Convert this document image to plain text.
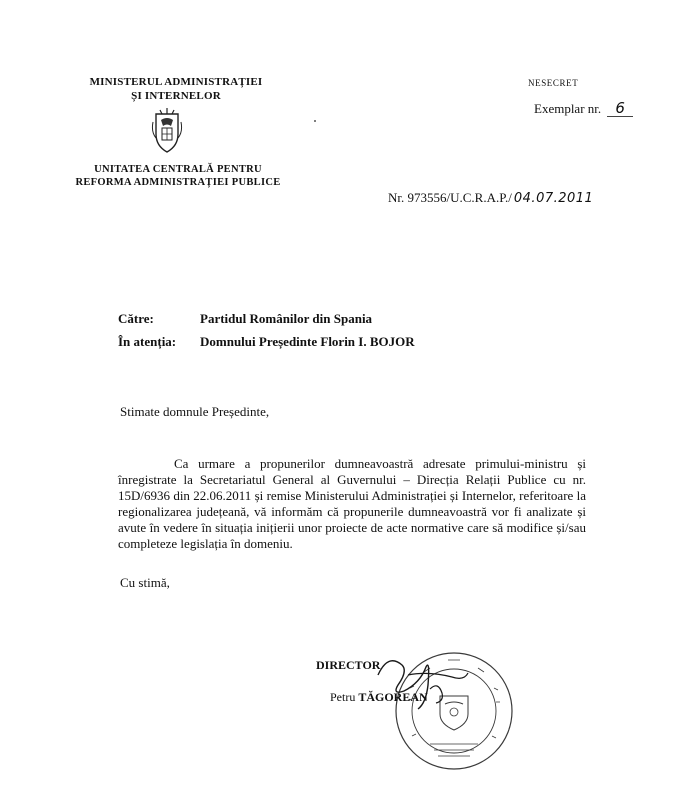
MINISTERUL ADMINISTRAȚIEI
ȘI INTERNELOR
UNITATEA CENTRALĂ PENTRU
REFORMA ADMINISTRAȚIEI PUBLICE
NESECRET
Exemplar nr. 6
Nr. 973556/U.C.R.A.P./ 04.07.2011
Către:	Partidul Românilor din Spania
În atenția: Domnului Președinte Florin I. BOJOR
Stimate domnule Președinte,
Ca urmare a propunerilor dumneavoastră adresate primului-ministru și înregistrate la Secretariatul General al Guvernului – Direcția Relații Publice cu nr. 15D/6936 din 22.06.2011 și remise Ministerului Administrației și Internelor, referitoare la regionalizarea județeană, vă informăm că propunerile dumneavoastră vor fi analizate și avute în vedere în situația inițierii unor proiecte de acte normative care să modifice și/sau completeze legislația în domeniu.
Cu stimă,
DIRECTOR
Petru TĂGOREAN
